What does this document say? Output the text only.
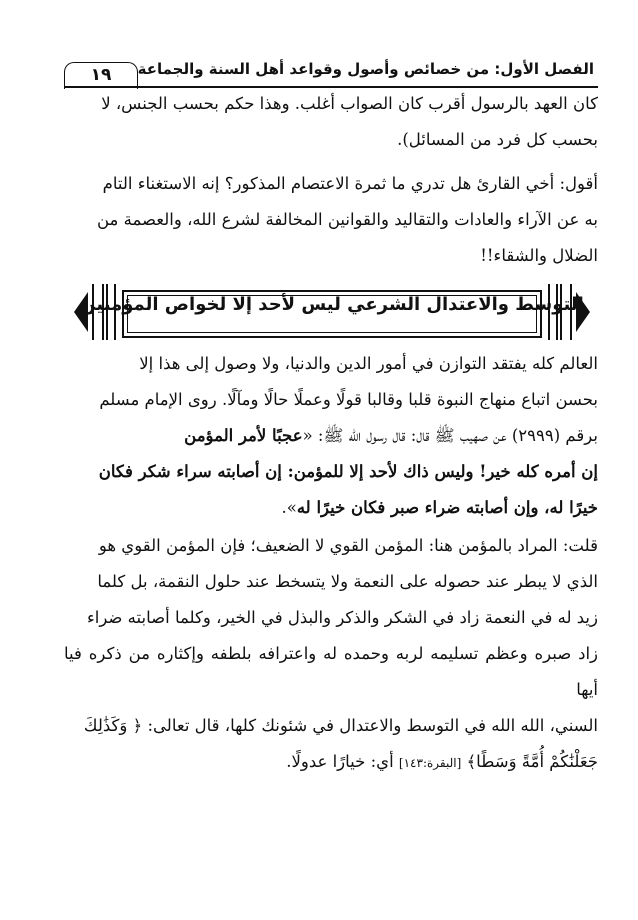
الفصل الأول: من خصائص وأصول وقواعد أهل السنة والجماعة
١٩

كان العهد بالرسول أقرب كان الصواب أغلب. وهذا حكم بحسب الجنس، لا

بحسب كل فرد من المسائل).

أقول: أخي القارئ هل تدري ما ثمرة الاعتصام المذكور؟ إنه الاستغناء التام

به عن الآراء والعادات والتقاليد والقوانين المخالفة لشرع الله، والعصمة من

الضلال والشقاء!!

التوسط والاعتدال الشرعي ليس لأحد إلا لخواص المؤمنين

العالم كله يفتقد التوازن في أمور الدين والدنيا، ولا وصول إلى هذا إلا

بحسن اتباع منهاج النبوة قلبا وقالبا قولًا وعملًا حالًا ومآلًا. روى الإمام مسلم

برقم (٢٩٩٩) عن صهيب ﷺ قال: قال رسول الله ﷺ: «عجبًا لأمر المؤمن

إن أمره كله خير! وليس ذاك لأحد إلا للمؤمن: إن أصابته سراء شكر فكان

خيرًا له، وإن أصابته ضراء صبر فكان خيرًا له».

قلت: المراد بالمؤمن هنا: المؤمن القوي لا الضعيف؛ فإن المؤمن القوي هو

الذي لا يبطر عند حصوله على النعمة ولا يتسخط عند حلول النقمة، بل كلما

زيد له في النعمة زاد في الشكر والذكر والبذل في الخير، وكلما أصابته ضراء

زاد صبره وعظم تسليمه لربه وحمده له واعترافه بلطفه وإكثاره من ذكره فيا أيها

السني، الله الله في التوسط والاعتدال في شئونك كلها، قال تعالى: ﴿ وَكَذَٰلِكَ

جَعَلْنَٰكُمْ أُمَّةً وَسَطًا﴾ [البقرة:١٤٣] أي: خيارًا عدولًا.
